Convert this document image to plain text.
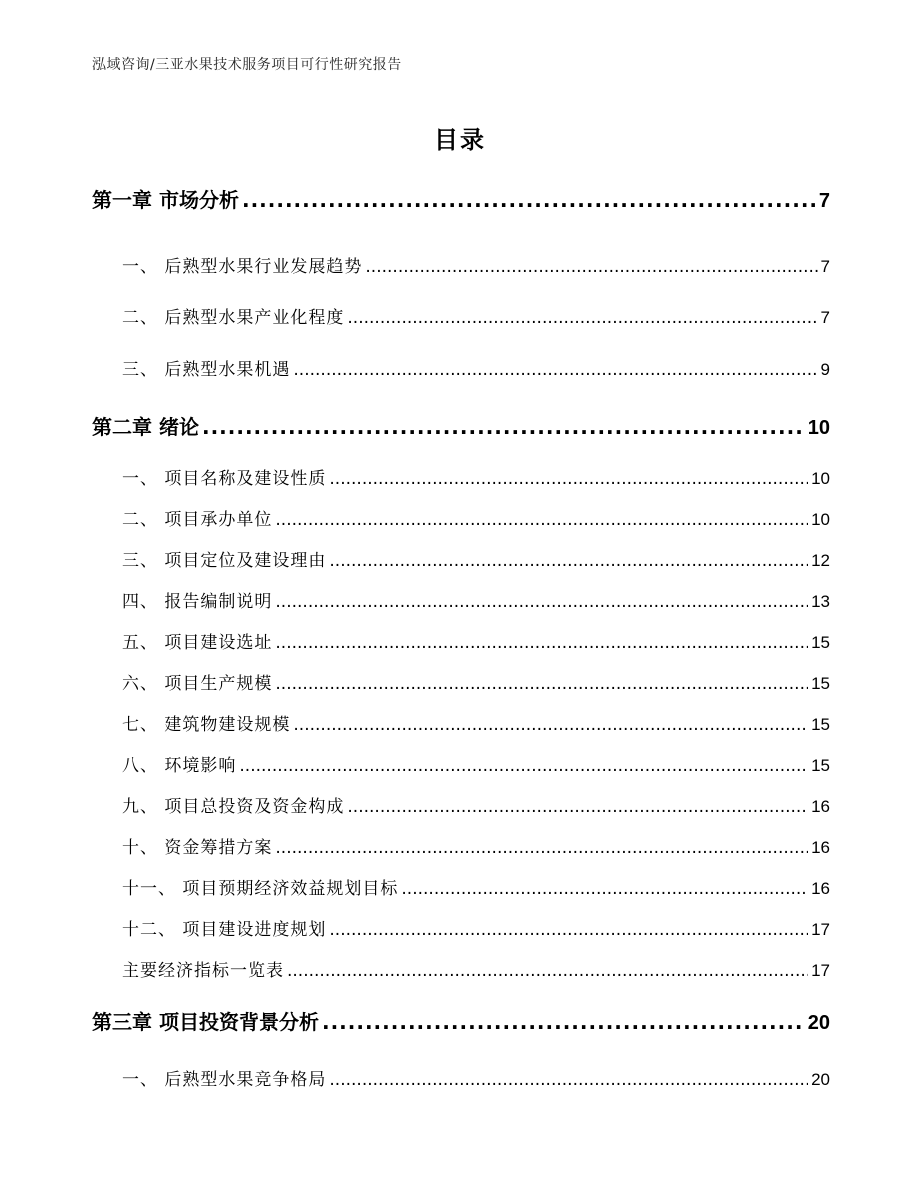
泓域咨询/三亚水果技术服务项目可行性研究报告
目录
第一章 市场分析 .....	7
一、 后熟型水果行业发展趋势 .....	7
二、 后熟型水果产业化程度 .....	7
三、 后熟型水果机遇 .....	9
第二章 绪论 .....	10
一、 项目名称及建设性质 .....	10
二、 项目承办单位 .....	10
三、 项目定位及建设理由 .....	12
四、 报告编制说明 .....	13
五、 项目建设选址 .....	15
六、 项目生产规模 .....	15
七、 建筑物建设规模 .....	15
八、 环境影响 .....	15
九、 项目总投资及资金构成 .....	16
十、 资金筹措方案 .....	16
十一、 项目预期经济效益规划目标 .....	16
十二、 项目建设进度规划 .....	17
主要经济指标一览表 .....	17
第三章 项目投资背景分析 .....	20
一、 后熟型水果竞争格局 .....	20
